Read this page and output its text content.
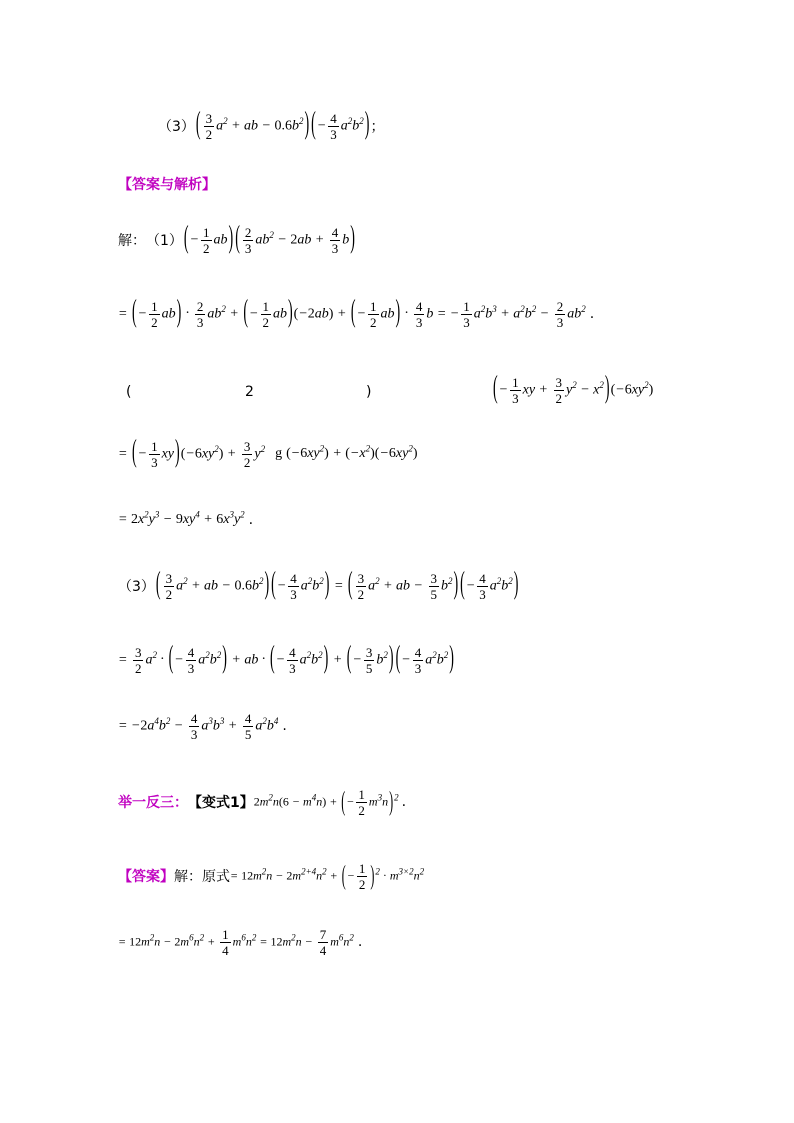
（3） ( $\frac{3}{2} a^2$ + ab − $0.6b^2$) (− $\frac{4}{3} a^2b^2$) ；
【答案与解析】
解： （1） (− $\frac{1}{2} ab$) ( $\frac{2}{3} ab^2 - 2ab + \frac{4}{3} b$)
= (− $\frac{1}{2} ab) \cdot \frac{2}{3} ab^2$ + (− $\frac{1}{2} ab)(-2ab)$ + (− $\frac{1}{2} ab) \cdot \frac{4}{3}$ b = − $\frac{1}{3} a^2b^3 + a^2b^2 - \frac{2}{3} ab^2$ .
(	2	)	(− $\frac{1}{3}$ xy + $\frac{3}{2} y^2 - x^2)(-6xy^2)$
= (− $\frac{1}{3} xy)(-6xy^2) + \frac{3}{2} y^2$ g $(-6xy^2) + (-x^2)(-6xy^2)$
= $2x^2y^3 - 9xy^4 + 6x^3y^2$ .
（3） ( $\frac{3}{2} a^2$ + ab − $0.6b^2$) (− $\frac{4}{3} a^2b^2$) = ( $\frac{3}{2} a^2$ + ab − $\frac{3}{5} b^2$) (− $\frac{4}{3} a^2b^2$)
= $\frac{3}{2} a^2$ · (− $\frac{4}{3} a^2b^2$) + ab · (− $\frac{4}{3} a^2b^2$) + (− $\frac{3}{5} b^2$) (− $\frac{4}{3} a^2b^2$)
= $-2a^4b^2 - \frac{4}{3} a^3b^3 + \frac{4}{5} a^2b^4$ .
举一反三： 【变式1】 $2m^2n(6 - m^4n)$ + (− $\frac{1}{2} m^3n)^2$ .
【答案】 解：原式 = $12m^2n - 2m^{2+4}n^2$ + (− $\frac{1}{2} )^2 \cdot m^{3\times 2}n^2$
= $12m^2n - 2m^6n^2 + \frac{1}{4} m^6n^2 = 12m^2n - \frac{7}{4} m^6n^2$ .
